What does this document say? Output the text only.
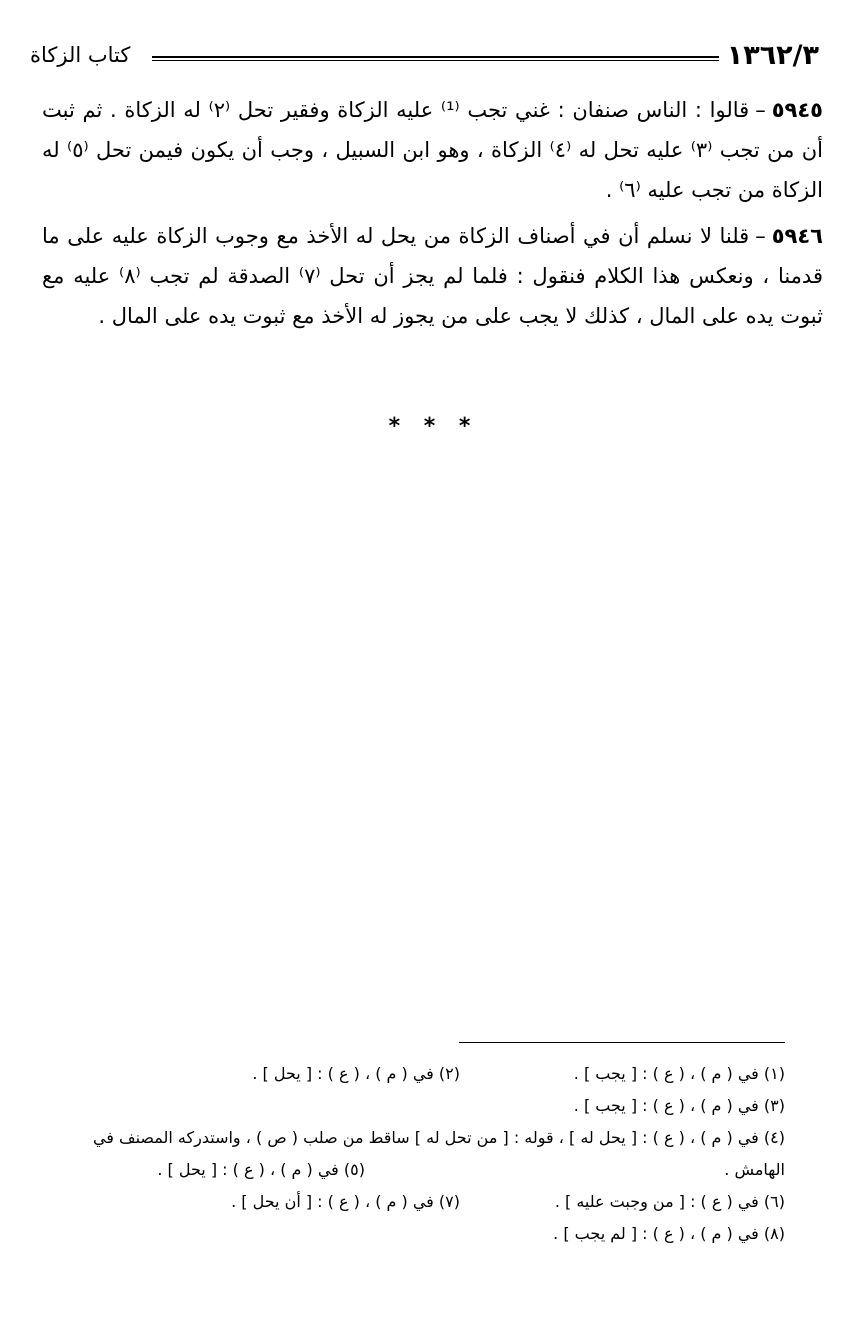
١٣٦٢/٣
كتاب الزكاة

٥٩٤٥–قالوا : الناس صنفان : غني تجب ⁽¹⁾ عليه الزكاة وفقير تحل ⁽٢⁾ له الزكاة . ثم ثبت أن من تجب ⁽٣⁾ عليه تحل له ⁽٤⁾ الزكاة ، وهو ابن السبيل ، وجب أن يكون فيمن تحل ⁽٥⁾ له الزكاة من تجب عليه ⁽٦⁾ .

٥٩٤٦–قلنا لا نسلم أن في أصناف الزكاة من يحل له الأخذ مع وجوب الزكاة عليه على ما قدمنا ، ونعكس هذا الكلام فنقول : فلما لم يجز أن تحل ⁽٧⁾ الصدقة لم تجب ⁽٨⁾ عليه مع ثبوت يده على المال ، كذلك لا يجب على من يجوز له الأخذ مع ثبوت يده على المال .

* * *
(١) في ( م ) ، ( ع ) : [ يجب ] .
(٢) في ( م ) ، ( ع ) : [ يحل ] .
(٣) في ( م ) ، ( ع ) : [ يجب ] .
(٤) في ( م ) ، ( ع ) : [ يحل له ] ، قوله : [ من تحل له ] ساقط من صلب ( ص ) ، واستدركه المصنف في الهامش .
(٥) في ( م ) ، ( ع ) : [ يحل ] .
(٦) في ( ع ) : [ من وجبت عليه ] .
(٧) في ( م ) ، ( ع ) : [ أن يحل ] .
(٨) في ( م ) ، ( ع ) : [ لم يجب ] .
